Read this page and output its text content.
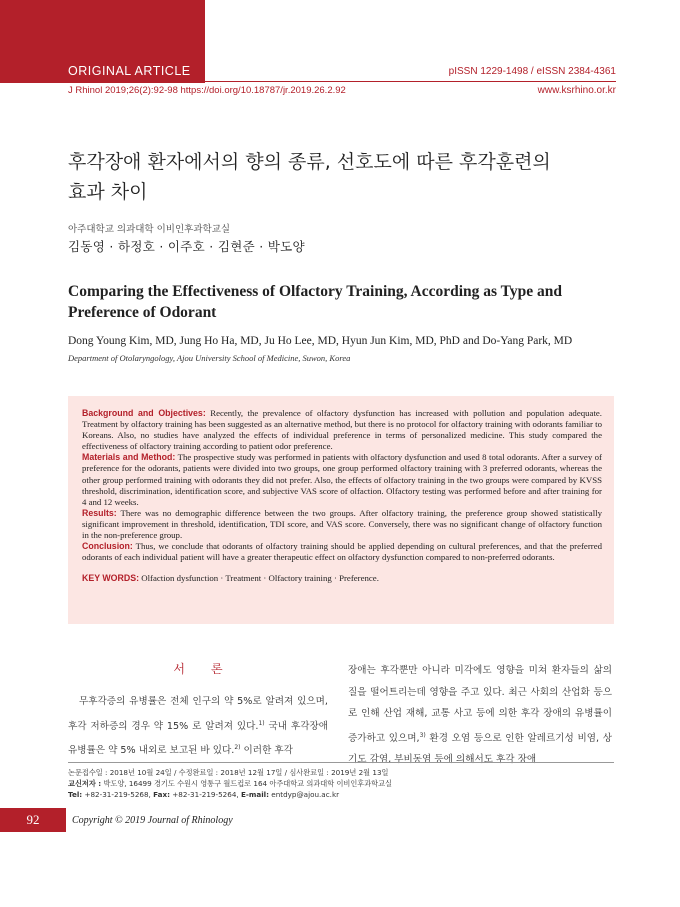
ORIGINAL ARTICLE	pISSN 1229-1498 / eISSN 2384-4361
J Rhinol 2019;26(2):92-98 https://doi.org/10.18787/jr.2019.26.2.92	www.ksrhino.or.kr
후각장애 환자에서의 향의 종류, 선호도에 따른 후각훈련의
효과 차이
아주대학교 의과대학 이비인후과학교실
김동영 · 하정호 · 이주호 · 김현준 · 박도양
Comparing the Effectiveness of Olfactory Training, According as Type and
Preference of Odorant
Dong Young Kim, MD, Jung Ho Ha, MD, Ju Ho Lee, MD, Hyun Jun Kim, MD, PhD and Do-Yang Park, MD
Department of Otolaryngology, Ajou University School of Medicine, Suwon, Korea

Background and Objectives: Recently, the prevalence of olfactory dysfunction has increased with pollution and population adequate. Treatment by olfactory training has been suggested as an alternative method, but there is no protocol for olfactory training with odorants familiar to Koreans. Also, no studies have analyzed the effects of individual preference in terms of personalized medicine. This study compared the effectiveness of olfactory training according to patient odor preference.

Materials and Method: The prospective study was performed in patients with olfactory dysfunction and used 8 total odorants. After a survey of preference for the odorants, patients were divided into two groups, one group performed olfactory training with 3 preferred odorants, whereas the other group performed training with odorants they did not prefer. Also, the effects of olfactory training in the two groups were compared by KVSS threshold, discrimination, identification score, and subjective VAS score of olfaction. Olfactory testing was performed before and after training for 4 and 12 weeks.

Results: There was no demographic difference between the two groups. After olfactory training, the preference group showed statistically significant improvement in threshold, identification, TDI score, and VAS score. Conversely, there was no significant change of olfactory function in the non-preference group.

Conclusion: Thus, we conclude that odorants of olfactory training should be applied depending on cultural preferences, and that the preferred odorants of each individual patient will have a greater therapeutic effect on olfactory dysfunction compared to non-preferred odorants.

KEY WORDS: Olfaction dysfunction · Treatment · Olfactory training · Preference.

서론

무후각증의 유병률은 전체 인구의 약 5%로 알려져 있으며, 후각 저하증의 경우 약 15% 로 알려져 있다.$^{1)}$ 국내 후각장애 유병률은 약 5% 내외로 보고된 바 있다.$^{2)}$ 이러한 후각

장애는 후각뿐만 아니라 미각에도 영향을 미쳐 환자들의 삶의 질을 떨어트리는데 영향을 주고 있다. 최근 사회의 산업화 등으로 인해 산업 재해, 교통 사고 등에 의한 후각 장애의 유병률이 증가하고 있으며,$^{3)}$ 환경 오염 등으로 인한 알레르기성 비염, 상기도 감염, 부비동염 등에 의해서도 후각 장애

논문접수일 : 2018년 10월 24일 / 수정완료일 : 2018년 12월 17일 / 심사완료일 : 2019년 2월 13일

교신저자 : 박도양, 16499 경기도 수원시 영통구 월드컵로 164 아주대학교 의과대학 이비인후과학교실

Tel: +82-31-219-5268, Fax: +82-31-219-5264, E-mail: entdyp@ajou.ac.kr

92	Copyright © 2019 Journal of Rhinology
